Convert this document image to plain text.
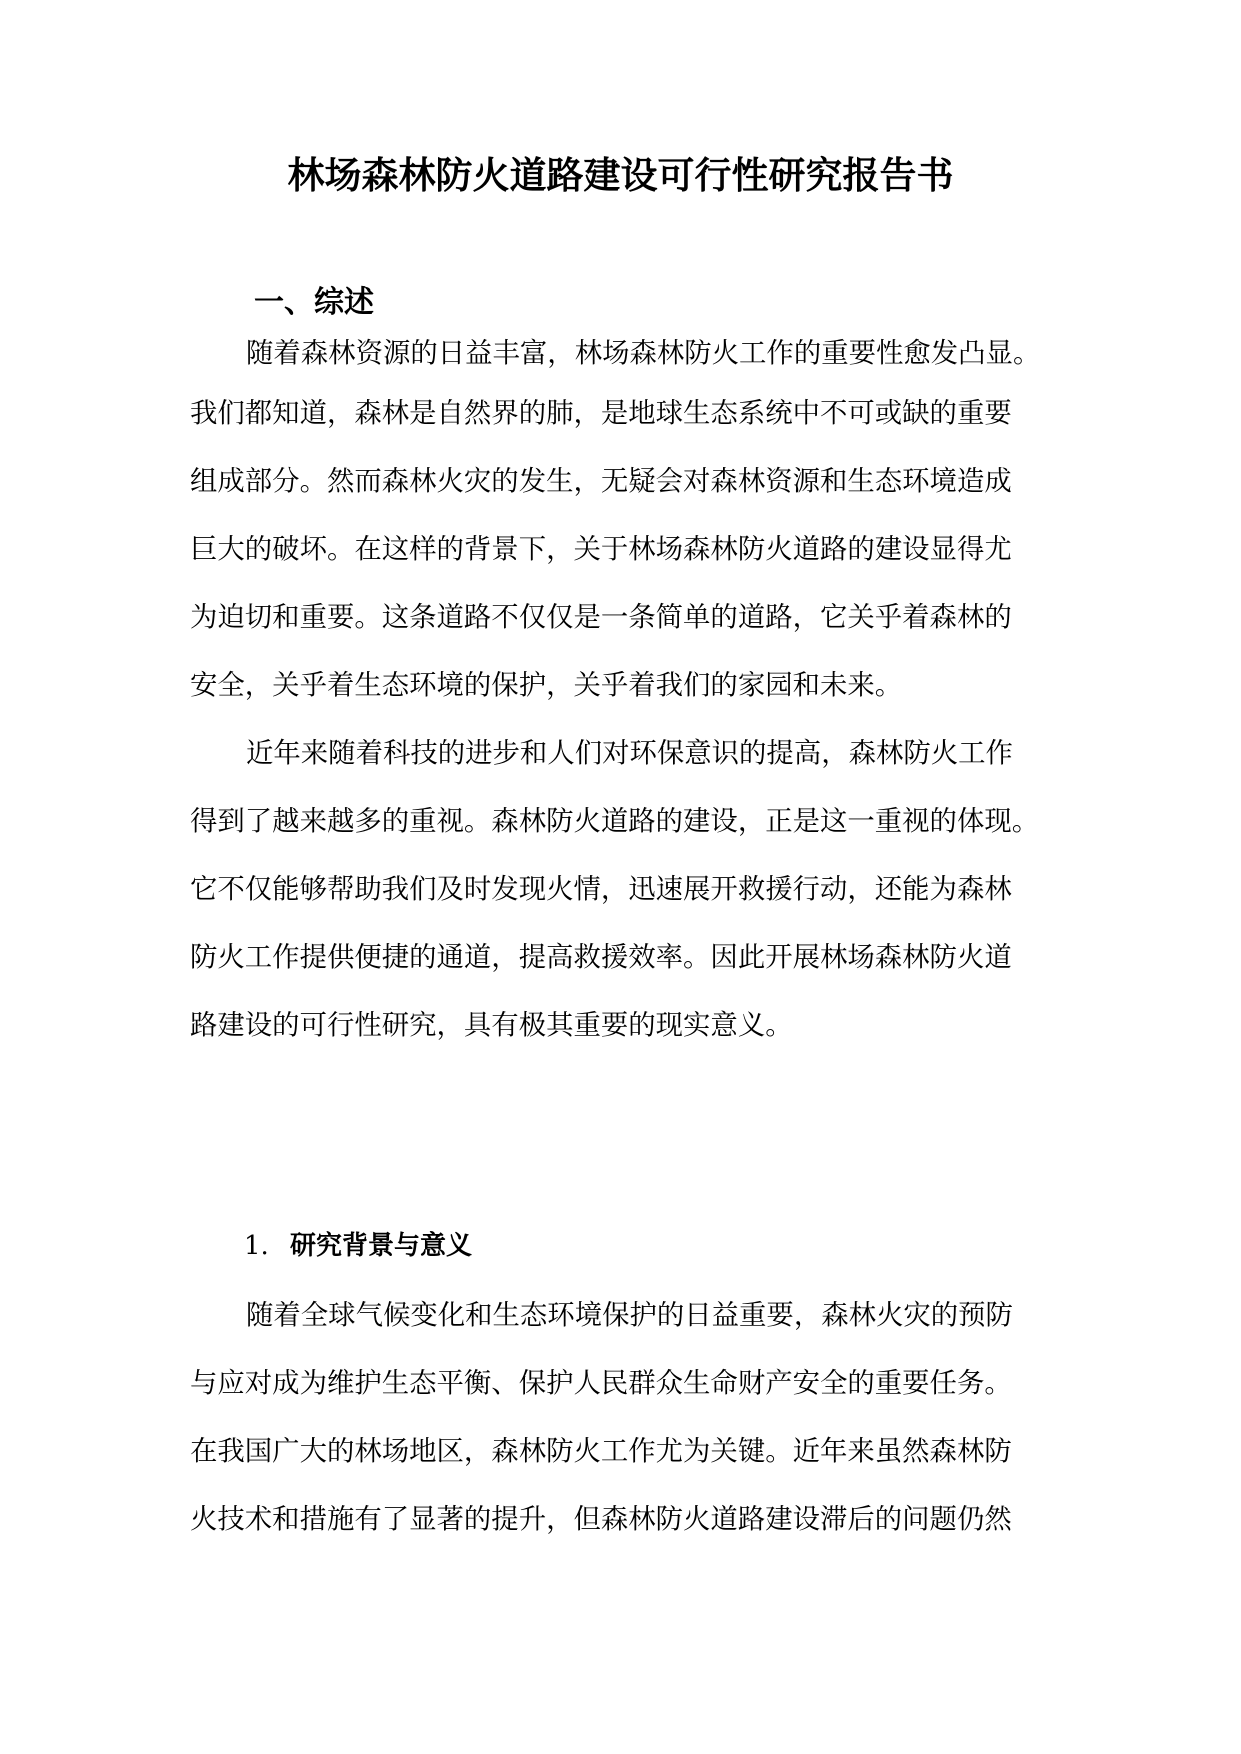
林场森林防火道路建设可行性研究报告书
一、综述

随着森林资源的日益丰富，林场森林防火工作的重要性愈发凸显。

我们都知道，森林是自然界的肺，是地球生态系统中不可或缺的重要

组成部分。然而森林火灾的发生，无疑会对森林资源和生态环境造成

巨大的破坏。在这样的背景下，关于林场森林防火道路的建设显得尤

为迫切和重要。这条道路不仅仅是一条简单的道路，它关乎着森林的

安全，关乎着生态环境的保护，关乎着我们的家园和未来。

近年来随着科技的进步和人们对环保意识的提高，森林防火工作

得到了越来越多的重视。森林防火道路的建设，正是这一重视的体现。

它不仅能够帮助我们及时发现火情，迅速展开救援行动，还能为森林

防火工作提供便捷的通道，提高救援效率。因此开展林场森林防火道

路建设的可行性研究，具有极其重要的现实意义。

1. 研究背景与意义

随着全球气候变化和生态环境保护的日益重要，森林火灾的预防

与应对成为维护生态平衡、保护人民群众生命财产安全的重要任务。

在我国广大的林场地区，森林防火工作尤为关键。近年来虽然森林防

火技术和措施有了显著的提升，但森林防火道路建设滞后的问题仍然
